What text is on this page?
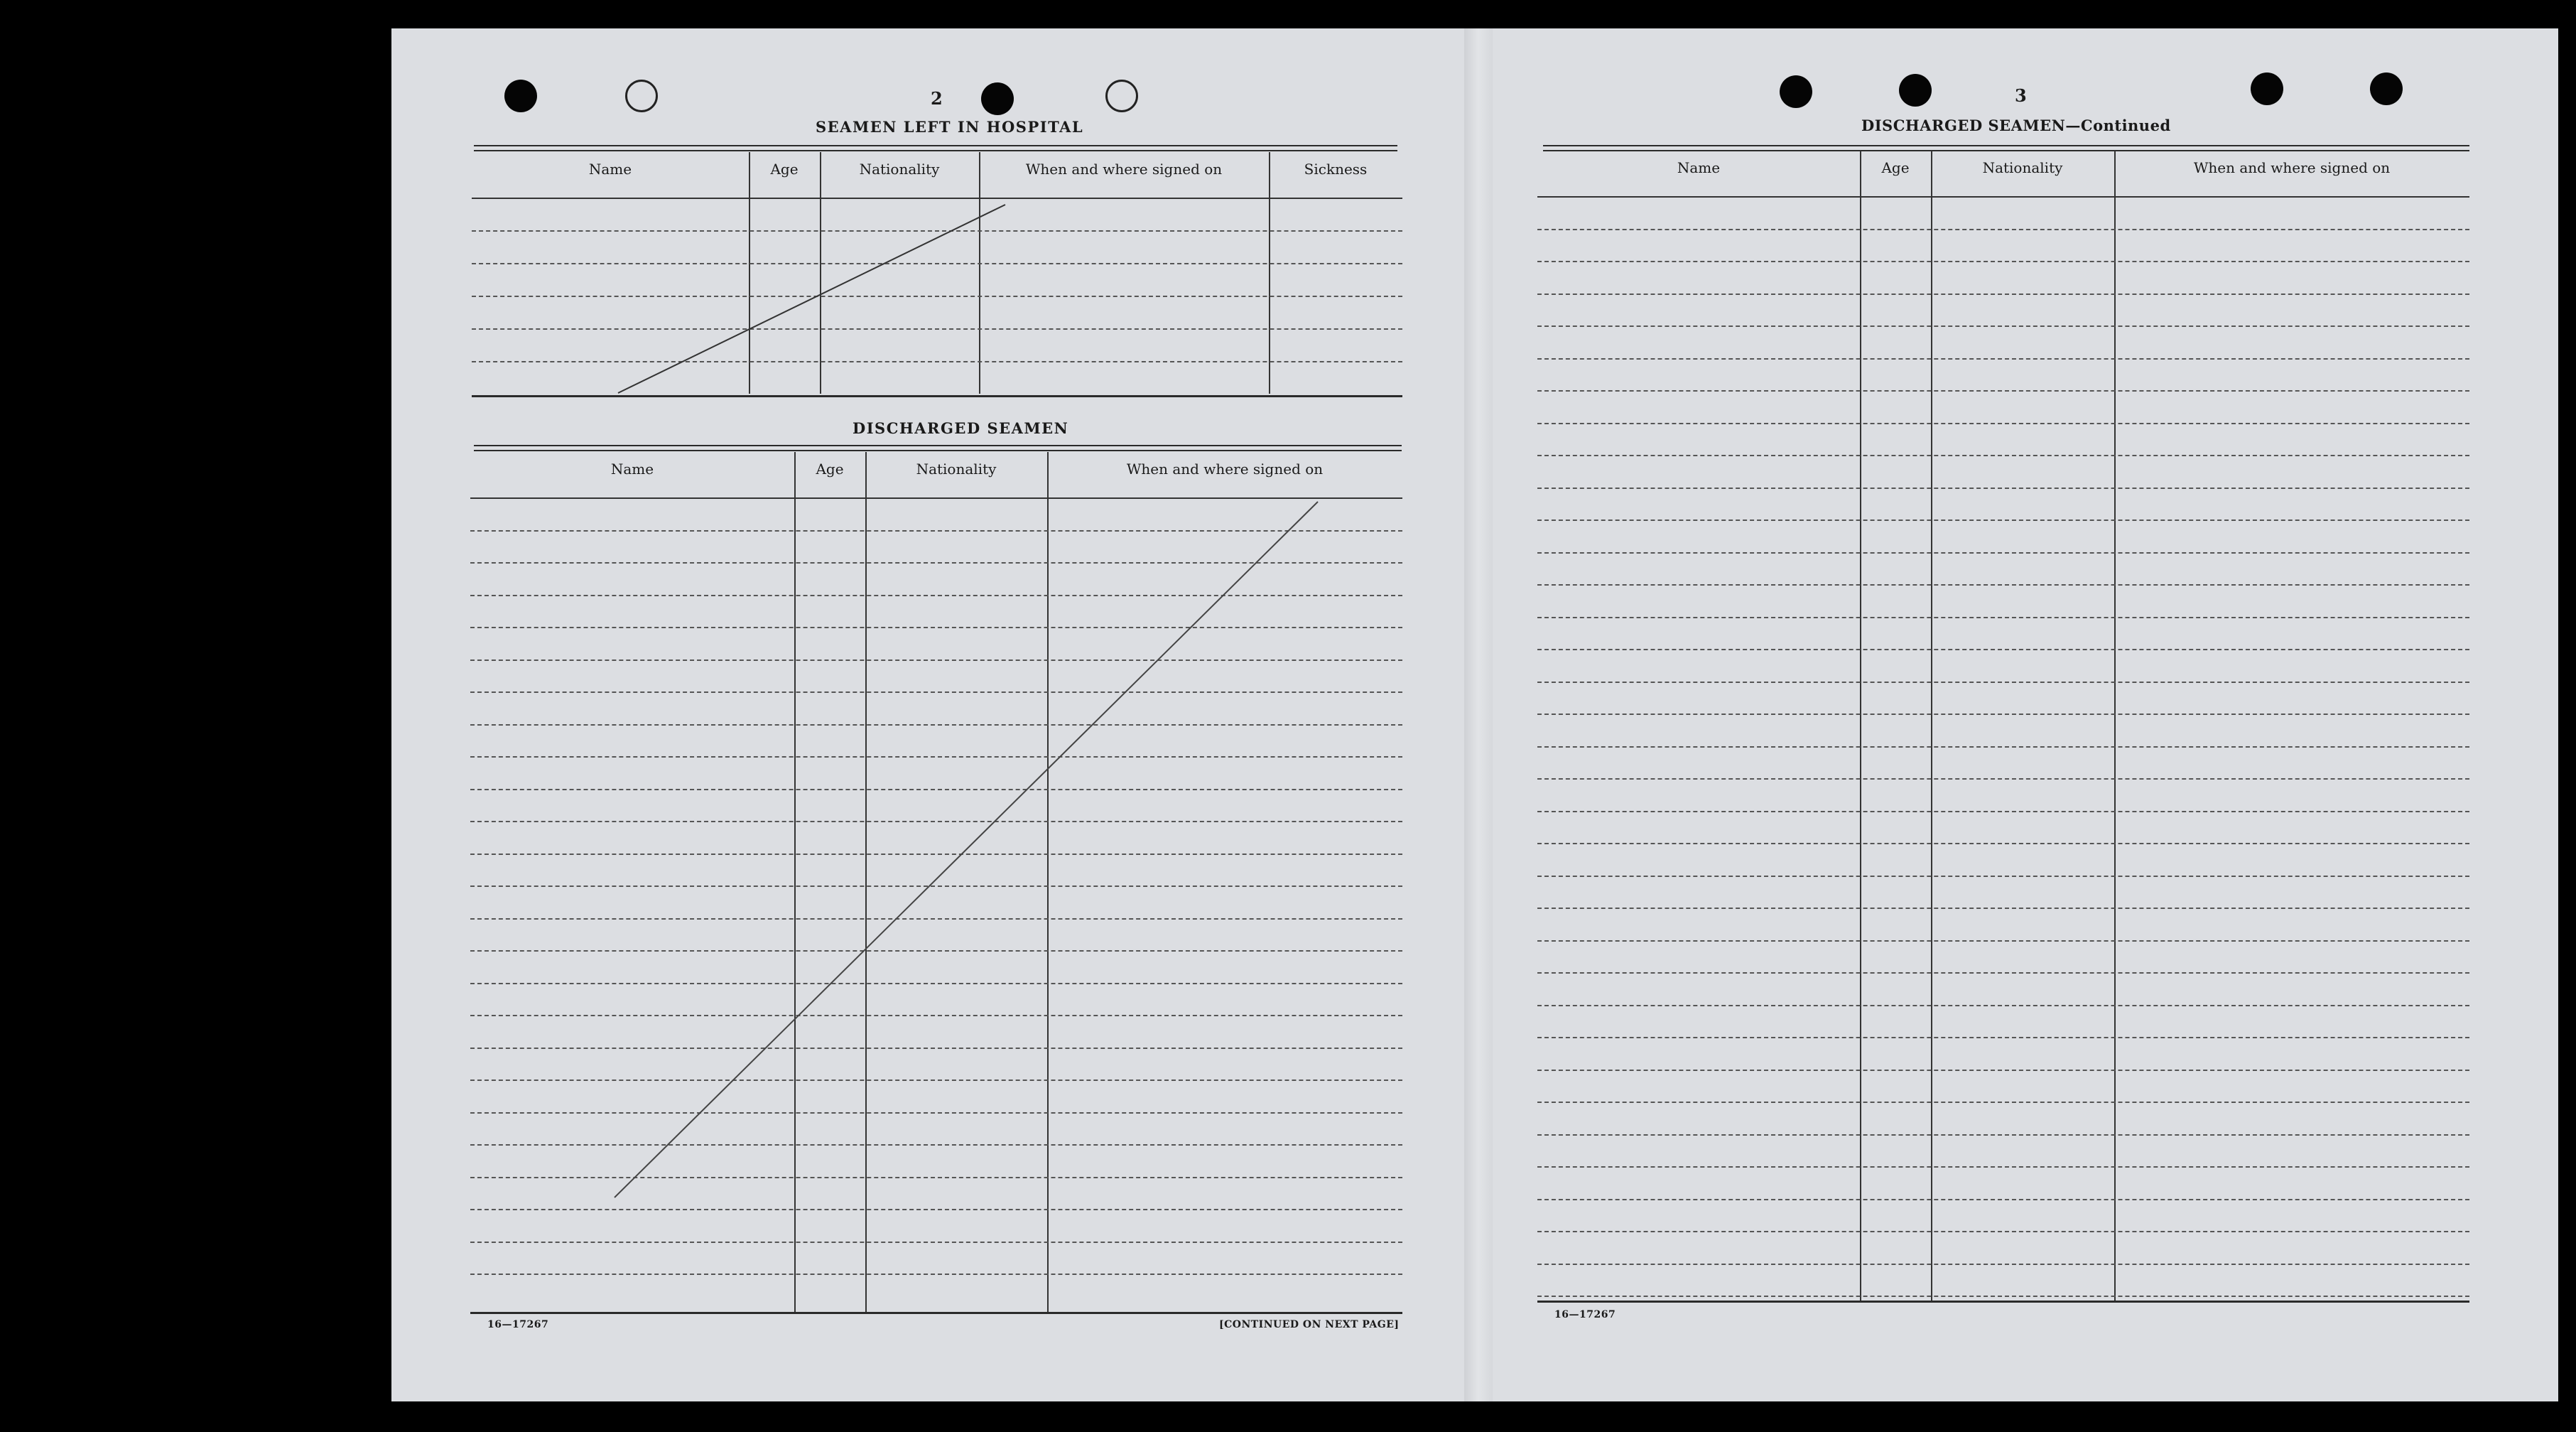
2
SEAMEN LEFT IN HOSPITAL
Name	Age	Nationality	When and where signed on	Sickness
DISCHARGED SEAMEN
Name	Age	Nationality	When and where signed on
16—17267	[CONTINUED ON NEXT PAGE]
3
DISCHARGED SEAMEN—Continued
Name	Age	Nationality	When and where signed on
16—17267
